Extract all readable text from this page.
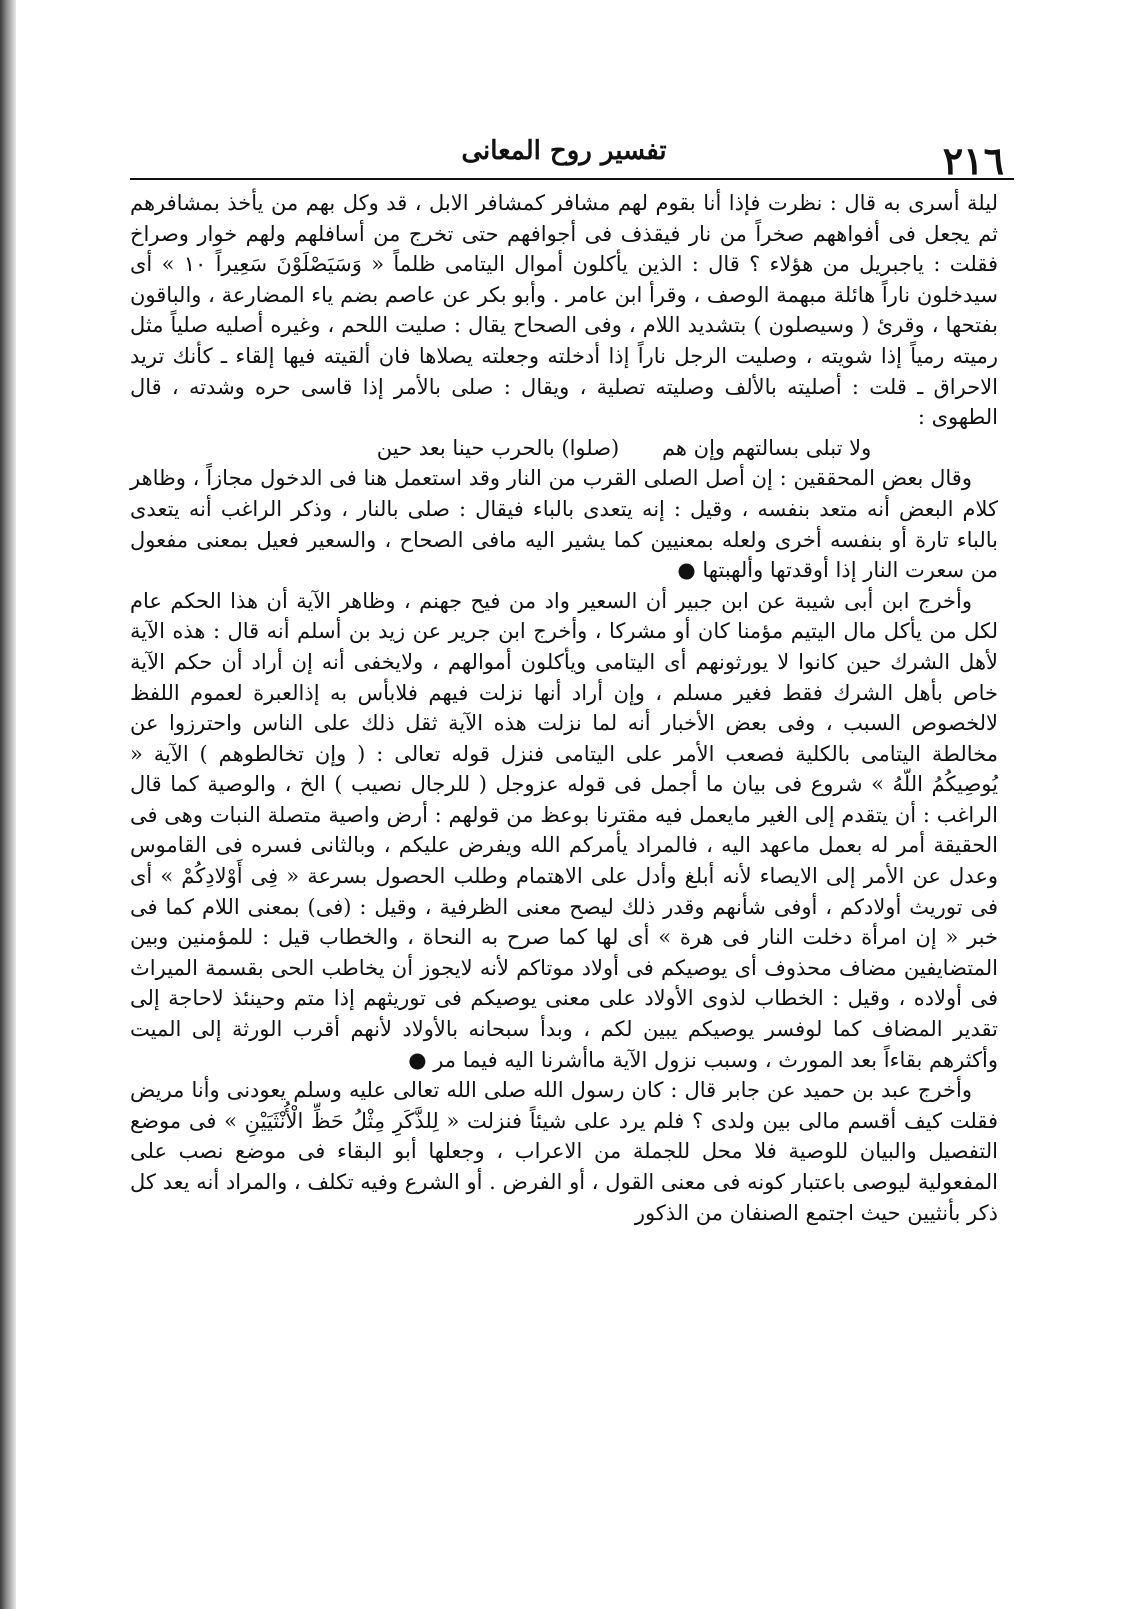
٢١٦
تفسير روح المعانى

ليلة أسرى به قال : نظرت فإذا أنا بقوم لهم مشافر كمشافر الابل ، قد وكل بهم من يأخذ بمشافرهم ثم يجعل فى أفواههم صخراً من نار فيقذف فى أجوافهم حتى تخرج من أسافلهم ولهم خوار وصراخ فقلت : ياجبريل من هؤلاء ؟ قال : الذين يأكلون أموال اليتامى ظلماً « وَسَيَصْلَوْنَ سَعِيراً ١٠ » أى سيدخلون ناراً هائلة مبهمة الوصف ، وقرأ ابن عامر . وأبو بكر عن عاصم بضم ياء المضارعة ، والباقون بفتحها ، وقرئ ( وسيصلون ) بتشديد اللام ، وفى الصحاح يقال : صليت اللحم ، وغيره أصليه صلياً مثل رميته رمياً إذا شويته ، وصليت الرجل ناراً إذا أدخلته وجعلته يصلاها فان ألقيته فيها إلقاء ـ كأنك تريد الاحراق ـ قلت : أصليته بالألف وصليته تصلية ، ويقال : صلى بالأمر إذا قاسى حره وشدته ، قال الطهوى :

ولا تبلى بسالتهم وإن هم (صلوا) بالحرب حينا بعد حين

وقال بعض المحققين : إن أصل الصلى القرب من النار وقد استعمل هنا فى الدخول مجازاً ، وظاهر كلام البعض أنه متعد بنفسه ، وقيل : إنه يتعدى بالباء فيقال : صلى بالنار ، وذكر الراغب أنه يتعدى بالباء تارة أو بنفسه أخرى ولعله بمعنيين كما يشير اليه مافى الصحاح ، والسعير فعيل بمعنى مفعول من سعرت النار إذا أوقدتها وألهبتها ●

وأخرج ابن أبى شيبة عن ابن جبير أن السعير واد من فيح جهنم ، وظاهر الآية أن هذا الحكم عام لكل من يأكل مال اليتيم مؤمنا كان أو مشركا ، وأخرج ابن جرير عن زيد بن أسلم أنه قال : هذه الآية لأهل الشرك حين كانوا لا يورثونهم أى اليتامى ويأكلون أموالهم ، ولايخفى أنه إن أراد أن حكم الآية خاص بأهل الشرك فقط فغير مسلم ، وإن أراد أنها نزلت فيهم فلابأس به إذالعبرة لعموم اللفظ لالخصوص السبب ، وفى بعض الأخبار أنه لما نزلت هذه الآية ثقل ذلك على الناس واحترزوا عن مخالطة اليتامى بالكلية فصعب الأمر على اليتامى فنزل قوله تعالى : ( وإن تخالطوهم ) الآية « يُوصِيكُمُ اللّهُ » شروع فى بيان ما أجمل فى قوله عزوجل ( للرجال نصيب ) الخ ، والوصية كما قال الراغب : أن يتقدم إلى الغير مايعمل فيه مقترنا بوعظ من قولهم : أرض واصية متصلة النبات وهى فى الحقيقة أمر له بعمل ماعهد اليه ، فالمراد يأمركم الله ويفرض عليكم ، وبالثانى فسره فى القاموس وعدل عن الأمر إلى الايصاء لأنه أبلغ وأدل على الاهتمام وطلب الحصول بسرعة « فِى أَوْلادِكُمْ » أى فى توريث أولادكم ، أوفى شأنهم وقدر ذلك ليصح معنى الظرفية ، وقيل : (فى) بمعنى اللام كما فى خبر « إن امرأة دخلت النار فى هرة » أى لها كما صرح به النحاة ، والخطاب قيل : للمؤمنين وبين المتضايفين مضاف محذوف أى يوصيكم فى أولاد موتاكم لأنه لايجوز أن يخاطب الحى بقسمة الميراث فى أولاده ، وقيل : الخطاب لذوى الأولاد على معنى يوصيكم فى توريثهم إذا متم وحينئذ لاحاجة إلى تقدير المضاف كما لوفسر يوصيكم يبين لكم ، وبدأ سبحانه بالأولاد لأنهم أقرب الورثة إلى الميت وأكثرهم بقاءاً بعد المورث ، وسبب نزول الآية ماأشرنا اليه فيما مر ●

وأخرج عبد بن حميد عن جابر قال : كان رسول الله صلى الله تعالى عليه وسلم يعودنى وأنا مريض فقلت كيف أقسم مالى بين ولدى ؟ فلم يرد على شيئاً فنزلت « لِلذَّكَرِ مِثْلُ حَظِّ الْأُنْثَيَيْنِ » فى موضع التفصيل والبيان للوصية فلا محل للجملة من الاعراب ، وجعلها أبو البقاء فى موضع نصب على المفعولية ليوصى باعتبار كونه فى معنى القول ، أو الفرض . أو الشرع وفيه تكلف ، والمراد أنه يعد كل ذكر بأنثيين حيث اجتمع الصنفان من الذكور
